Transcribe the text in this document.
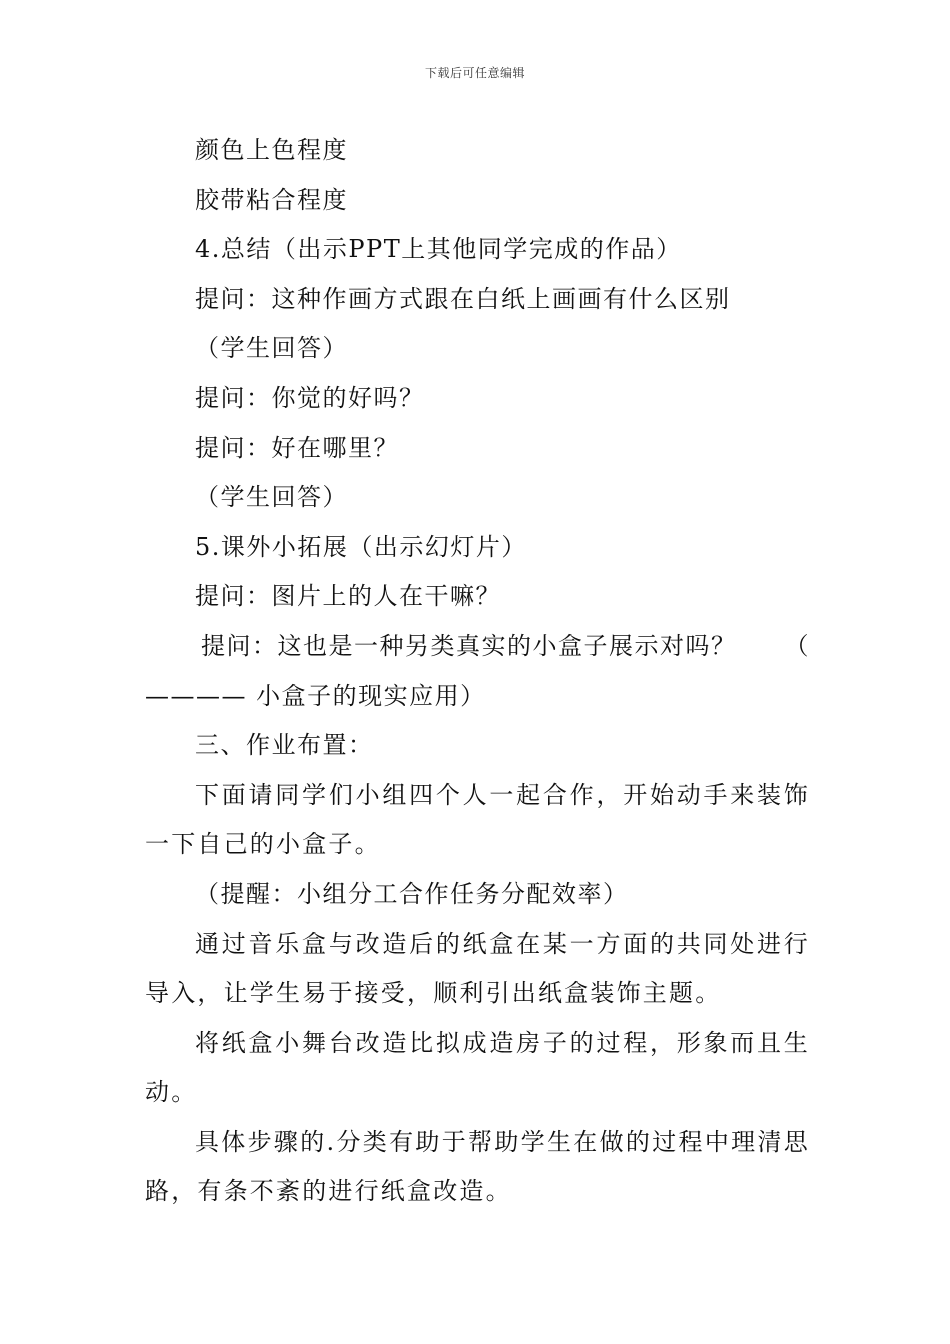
下载后可任意编辑
颜色上色程度
胶带粘合程度
4.总结（出示PPT上其他同学完成的作品）
提问：这种作画方式跟在白纸上画画有什么区别
（学生回答）
提问：你觉的好吗？
提问：好在哪里？
（学生回答）
5.课外小拓展（出示幻灯片）
提问：图片上的人在干嘛？
提问：这也是一种另类真实的小盒子展示对吗？ （
———— 小盒子的现实应用）
三、作业布置：
下面请同学们小组四个人一起合作，开始动手来装饰一下自己的小盒子。
（提醒：小组分工合作任务分配效率）
通过音乐盒与改造后的纸盒在某一方面的共同处进行导入，让学生易于接受，顺利引出纸盒装饰主题。
将纸盒小舞台改造比拟成造房子的过程，形象而且生动。
具体步骤的.分类有助于帮助学生在做的过程中理清思路，有条不紊的进行纸盒改造。
